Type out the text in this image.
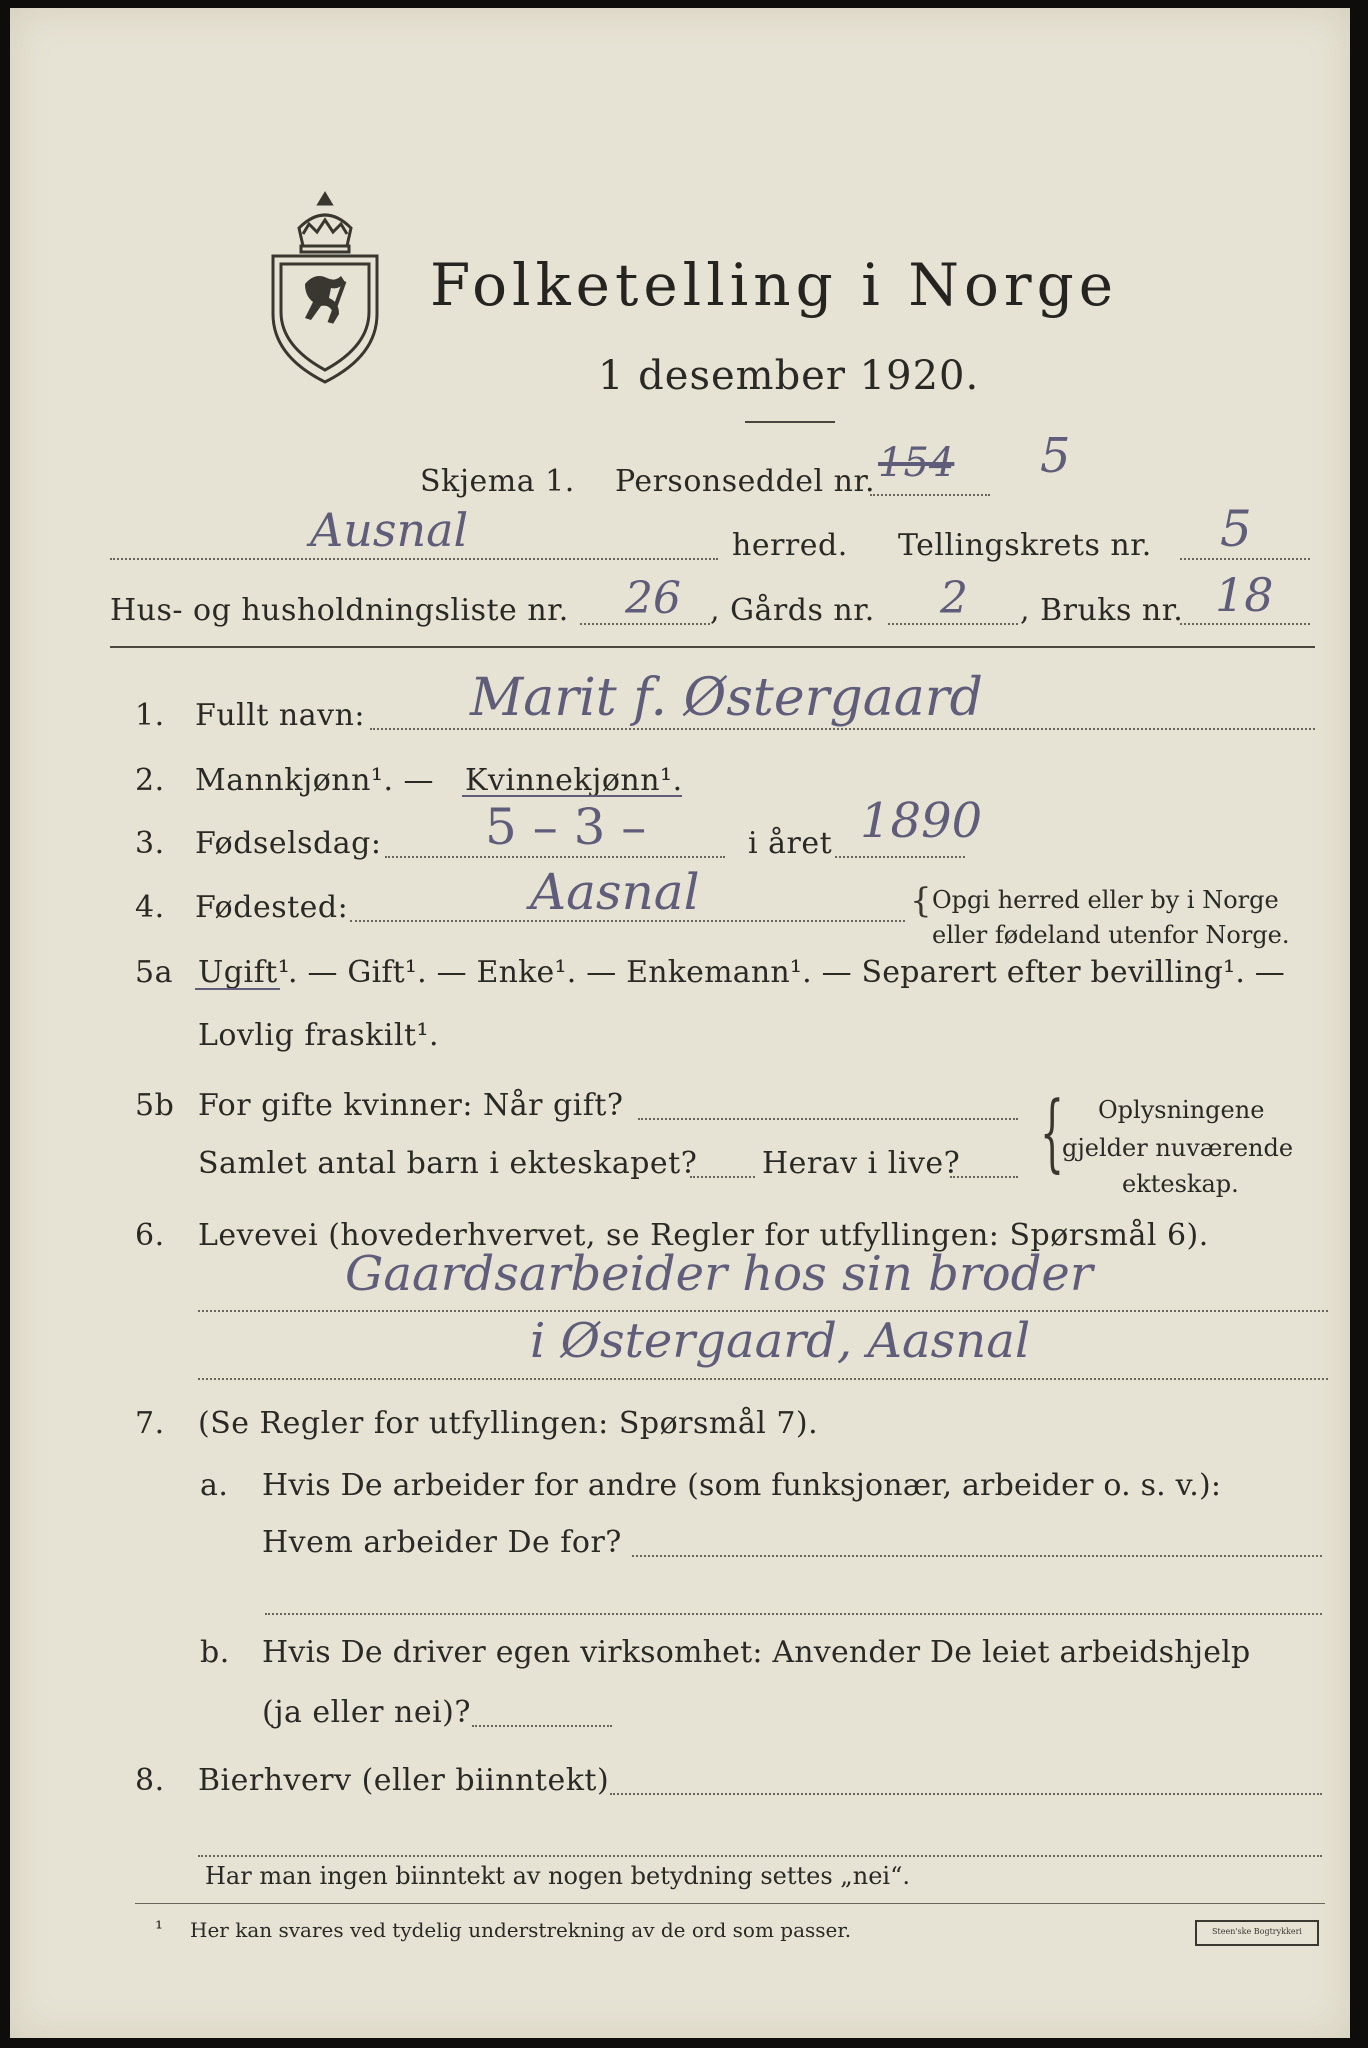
Folketelling i Norge
1 desember 1920.
Skjema 1. Personseddel nr. 154 5
Ausnal	herred. Tellingskrets nr. 5
Hus- og husholdningsliste nr. 26 , Gårds nr. 2 , Bruks nr. 18
1. Fullt navn: Marit f. Østergaard
2. Mannkjønn¹. — Kvinnekjønn¹.
3. Fødselsdag: 5 – 3 –	i året 1890
4. Fødested:	Aasnal	{ Opgi herred eller by i Norge
eller fødeland utenfor Norge.
5a Ugift¹
. — Gift¹. — Enke¹. — Enkemann¹. — Separert efter bevilling¹. —
Lovlig fraskilt¹.
5b For gifte kvinner: Når gift?
Samlet antal barn i ekteskapet? Herav i live? { Oplysningene
gjelder nuværende
ekteskap.
6. Levevei (hovederhvervet, se Regler for utfyllingen: Spørsmål 6).
Gaardsarbeider hos sin broder
i Østergaard, Aasnal
7. (Se Regler for utfyllingen: Spørsmål 7).
a. Hvis De arbeider for andre (som funksjonær, arbeider o. s. v.):
Hvem arbeider De for?
b. Hvis De driver egen virksomhet: Anvender De leiet arbeidshjelp
(ja eller nei)?
8. Bierhverv (eller biinntekt)
Har man ingen biinntekt av nogen betydning settes „nei“.
¹ Her kan svares ved tydelig understrekning av de ord som passer.	Steen'ske Bogtrykkeri
